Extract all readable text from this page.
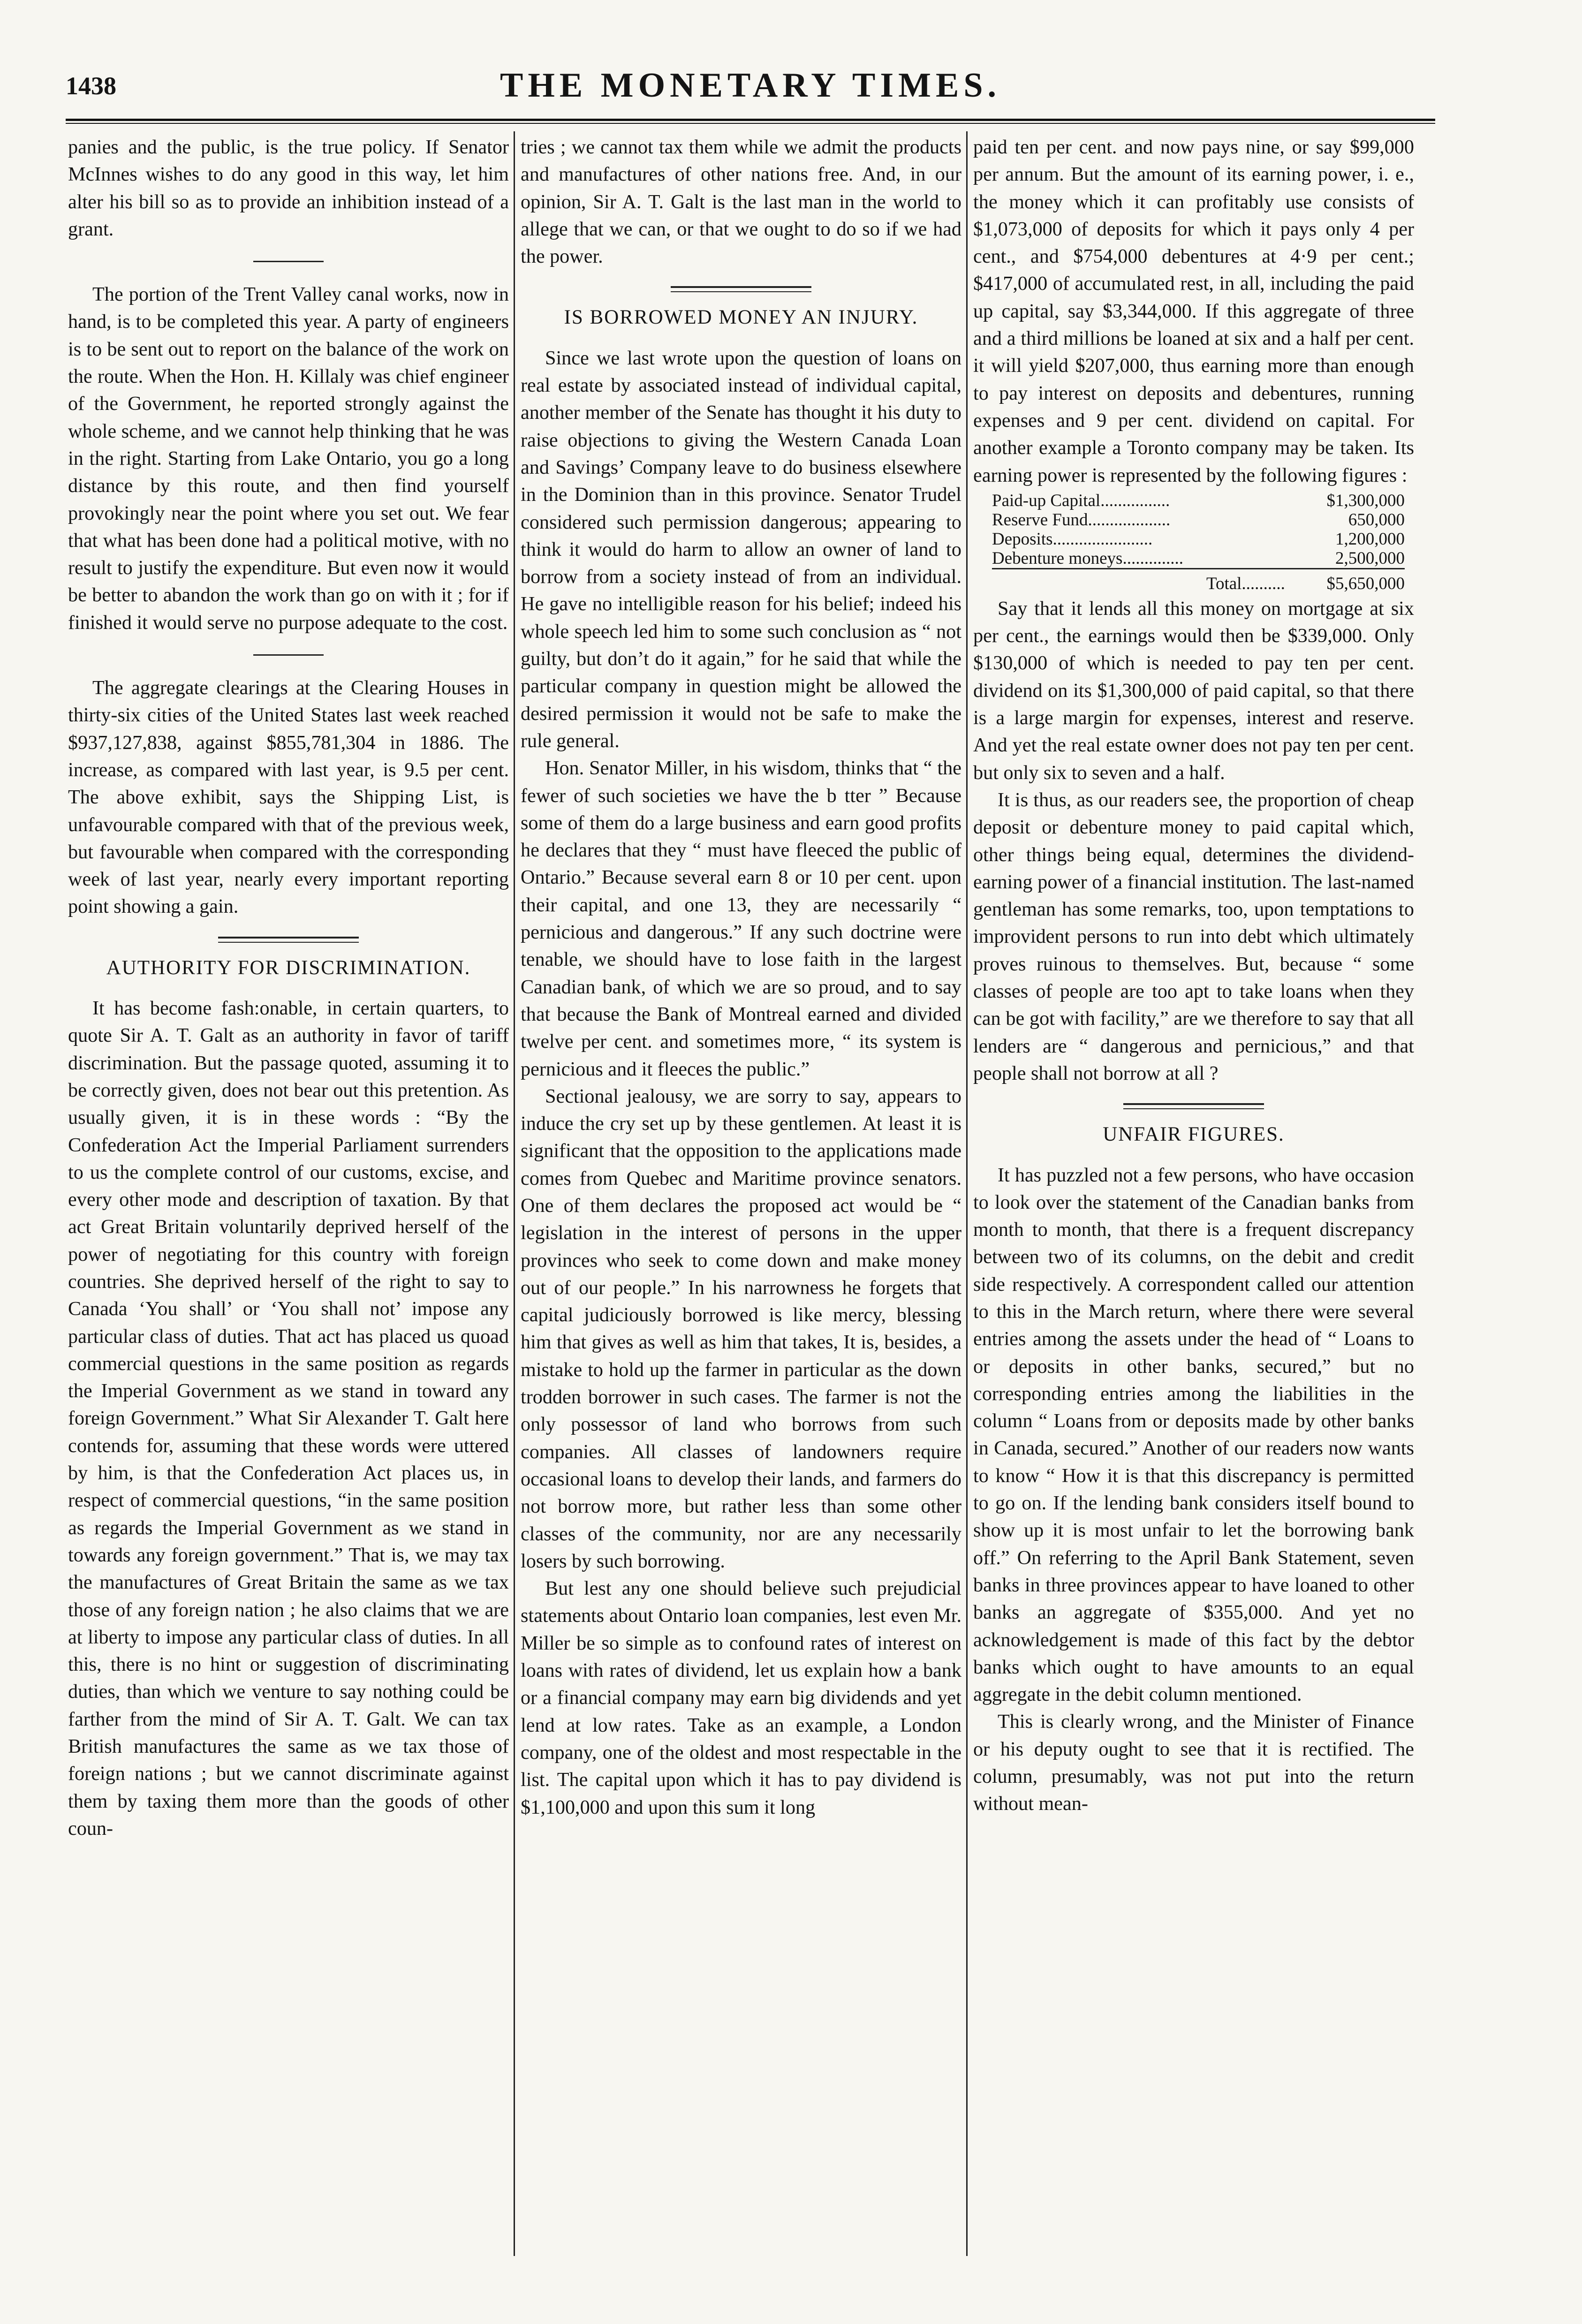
1438	THE MONETARY TIMES.

panies and the public, is the true policy. If Senator McInnes wishes to do any good in this way, let him alter his bill so as to provide an inhibition instead of a grant.

The portion of the Trent Valley canal works, now in hand, is to be completed this year. A party of engineers is to be sent out to report on the balance of the work on the route. When the Hon. H. Killaly was chief engineer of the Government, he reported strongly against the whole scheme, and we cannot help thinking that he was in the right. Starting from Lake Ontario, you go a long distance by this route, and then find yourself provokingly near the point where you set out. We fear that what has been done had a political motive, with no result to justify the expenditure. But even now it would be better to abandon the work than go on with it ; for if finished it would serve no purpose adequate to the cost.

The aggregate clearings at the Clearing Houses in thirty-six cities of the United States last week reached $937,127,838, against $855,781,304 in 1886. The increase, as compared with last year, is 9.5 per cent. The above exhibit, says the Shipping List, is unfavourable compared with that of the previous week, but favourable when compared with the corresponding week of last year, nearly every important reporting point showing a gain.

AUTHORITY FOR DISCRIMINATION.

It has become fash:onable, in certain quarters, to quote Sir A. T. Galt as an authority in favor of tariff discrimination. But the passage quoted, assuming it to be correctly given, does not bear out this pretention. As usually given, it is in these words : “By the Confederation Act the Imperial Parliament surrenders to us the complete control of our customs, excise, and every other mode and description of taxation. By that act Great Britain voluntarily deprived herself of the power of negotiating for this country with foreign countries. She deprived herself of the right to say to Canada ‘You shall’ or ‘You shall not’ impose any particular class of duties. That act has placed us quoad commercial questions in the same position as regards the Imperial Government as we stand in toward any foreign Government.” What Sir Alexander T. Galt here contends for, assuming that these words were uttered by him, is that the Confederation Act places us, in respect of commercial questions, “in the same position as regards the Imperial Government as we stand in towards any foreign government.” That is, we may tax the manufactures of Great Britain the same as we tax those of any foreign nation ; he also claims that we are at liberty to impose any particular class of duties. In all this, there is no hint or suggestion of discriminating duties, than which we venture to say nothing could be farther from the mind of Sir A. T. Galt. We can tax British manufactures the same as we tax those of foreign nations ; but we cannot discriminate against them by taxing them more than the goods of other coun-

tries ; we cannot tax them while we admit the products and manufactures of other nations free. And, in our opinion, Sir A. T. Galt is the last man in the world to allege that we can, or that we ought to do so if we had the power.

IS BORROWED MONEY AN INJURY.

Since we last wrote upon the question of loans on real estate by associated instead of individual capital, another member of the Senate has thought it his duty to raise objections to giving the Western Canada Loan and Savings’ Company leave to do business elsewhere in the Dominion than in this province. Senator Trudel considered such permission dangerous; appearing to think it would do harm to allow an owner of land to borrow from a society instead of from an individual. He gave no intelligible reason for his belief; indeed his whole speech led him to some such conclusion as “ not guilty, but don’t do it again,” for he said that while the particular company in question might be allowed the desired permission it would not be safe to make the rule general.

Hon. Senator Miller, in his wisdom, thinks that “ the fewer of such societies we have the b tter ” Because some of them do a large business and earn good profits he declares that they “ must have fleeced the public of Ontario.” Because several earn 8 or 10 per cent. upon their capital, and one 13, they are necessarily “ pernicious and dangerous.” If any such doctrine were tenable, we should have to lose faith in the largest Canadian bank, of which we are so proud, and to say that because the Bank of Montreal earned and divided twelve per cent. and sometimes more, “ its system is pernicious and it fleeces the public.”

Sectional jealousy, we are sorry to say, appears to induce the cry set up by these gentlemen. At least it is significant that the opposition to the applications made comes from Quebec and Maritime province senators. One of them declares the proposed act would be “ legislation in the interest of persons in the upper provinces who seek to come down and make money out of our people.” In his narrowness he forgets that capital judiciously borrowed is like mercy, blessing him that gives as well as him that takes, It is, besides, a mistake to hold up the farmer in particular as the down trodden borrower in such cases. The farmer is not the only possessor of land who borrows from such companies. All classes of landowners require occasional loans to develop their lands, and farmers do not borrow more, but rather less than some other classes of the community, nor are any necessarily losers by such borrowing.

But lest any one should believe such prejudicial statements about Ontario loan companies, lest even Mr. Miller be so simple as to confound rates of interest on loans with rates of dividend, let us explain how a bank or a financial company may earn big dividends and yet lend at low rates. Take as an example, a London company, one of the oldest and most respectable in the list. The capital upon which it has to pay dividend is $1,100,000 and upon this sum it long

paid ten per cent. and now pays nine, or say $99,000 per annum. But the amount of its earning power, i. e., the money which it can profitably use consists of $1,073,000 of deposits for which it pays only 4 per cent., and $754,000 debentures at 4·9 per cent.; $417,000 of accumulated rest, in all, including the paid up capital, say $3,344,000. If this aggregate of three and a third millions be loaned at six and a half per cent. it will yield $207,000, thus earning more than enough to pay interest on deposits and debentures, running expenses and 9 per cent. dividend on capital. For another example a Toronto company may be taken. Its earning power is represented by the following figures :

Paid-up Capital................	$1,300,000
Reserve Fund...................	650,000
Deposits.......................	1,200,000
Debenture moneys..............	2,500,000
Total..........	$5,650,000

Say that it lends all this money on mortgage at six per cent., the earnings would then be $339,000. Only $130,000 of which is needed to pay ten per cent. dividend on its $1,300,000 of paid capital, so that there is a large margin for expenses, interest and reserve. And yet the real estate owner does not pay ten per cent. but only six to seven and a half.

It is thus, as our readers see, the proportion of cheap deposit or debenture money to paid capital which, other things being equal, determines the dividend-earning power of a financial institution. The last-named gentleman has some remarks, too, upon temptations to improvident persons to run into debt which ultimately proves ruinous to themselves. But, because “ some classes of people are too apt to take loans when they can be got with facility,” are we therefore to say that all lenders are “ dangerous and pernicious,” and that people shall not borrow at all ?

UNFAIR FIGURES.

It has puzzled not a few persons, who have occasion to look over the statement of the Canadian banks from month to month, that there is a frequent discrepancy between two of its columns, on the debit and credit side respectively. A correspondent called our attention to this in the March return, where there were several entries among the assets under the head of “ Loans to or deposits in other banks, secured,” but no corresponding entries among the liabilities in the column “ Loans from or deposits made by other banks in Canada, secured.” Another of our readers now wants to know “ How it is that this discrepancy is permitted to go on. If the lending bank considers itself bound to show up it is most unfair to let the borrowing bank off.” On referring to the April Bank Statement, seven banks in three provinces appear to have loaned to other banks an aggregate of $355,000. And yet no acknowledgement is made of this fact by the debtor banks which ought to have amounts to an equal aggregate in the debit column mentioned.

This is clearly wrong, and the Minister of Finance or his deputy ought to see that it is rectified. The column, presumably, was not put into the return without mean-
